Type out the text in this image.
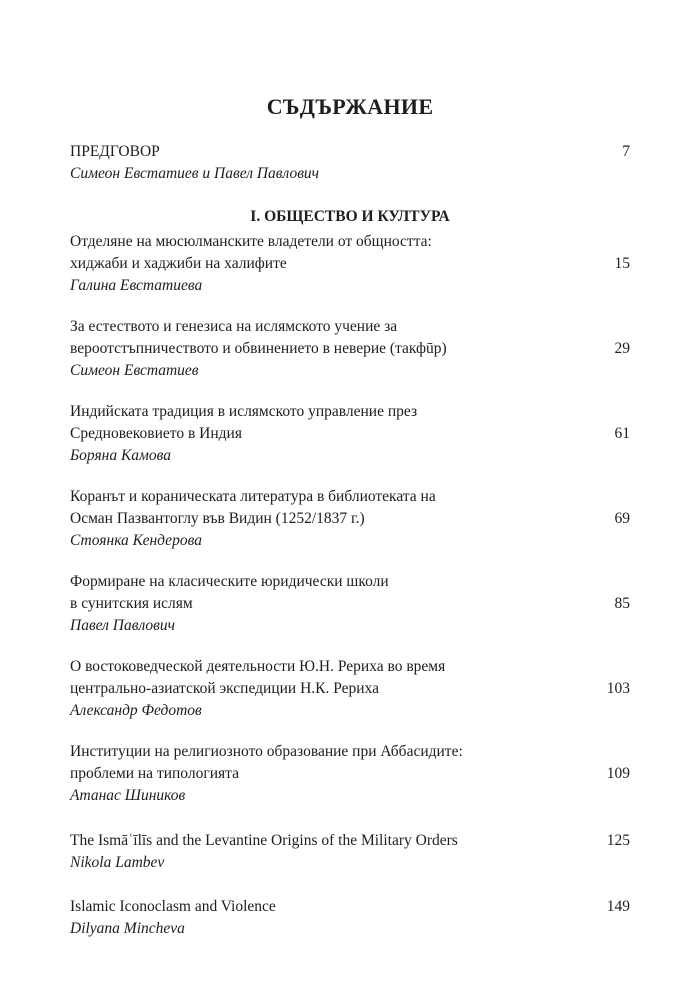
СЪДЪРЖАНИЕ
ПРЕДГОВОР	7
Симеон Евстатиев и Павел Павлович
I. ОБЩЕСТВО И КУЛТУРА
Отделяне на мюсюлманските владетели от общността:
хиджаби и хаджиби на халифите	15
Галина Евстатиева
За естеството и генезиса на ислямското учение за
вероотстъпничеството и обвинението в неверие (такфūр)	29
Симеон Евстатиев
Индийската традиция в ислямското управление през
Средновековието в Индия	61
Боряна Камова
Коранът и кораническата литература в библиотеката на
Осман Пазвантоглу във Видин (1252/1837 г.)	69
Стоянка Кендерова
Формиране на класическите юридически школи
в сунитския ислям	85
Павел Павлович
О востоковедческой деятельности Ю.Н. Рериха во время
центрально-азиатской экспедиции Н.К. Рериха	103
Александр Федотов
Институции на религиозното образование при Аббасидите:
проблеми на типологията	109
Атанас Шиников
The Ismāʿīlīs and the Levantine Origins of the Military Orders	125
Nikola Lambev
Islamic Iconoclasm and Violence	149
Dilyana Mincheva
